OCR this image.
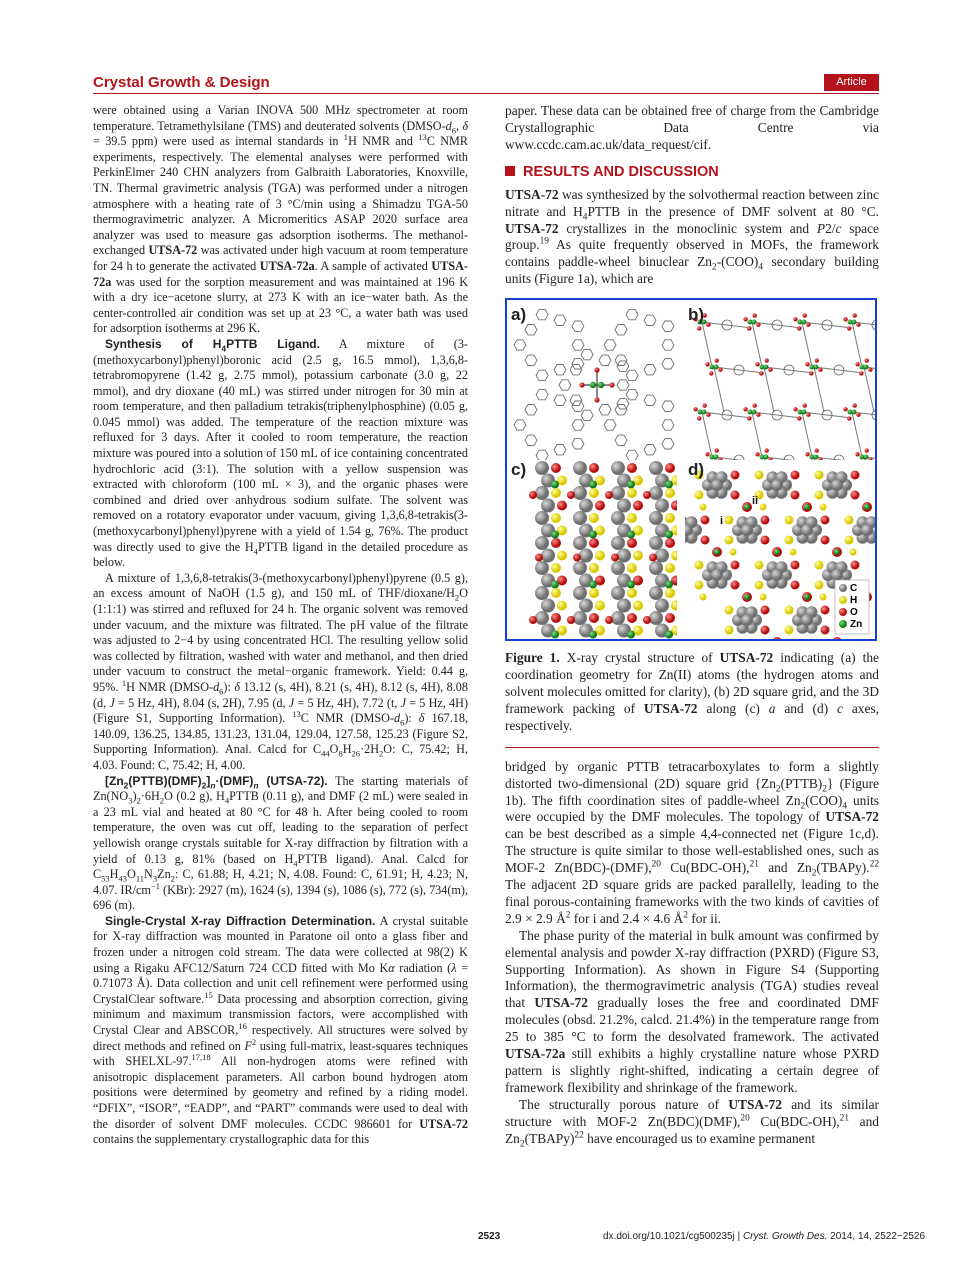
Crystal Growth & Design	Article

were obtained using a Varian INOVA 500 MHz spectrometer at room temperature. Tetramethylsilane (TMS) and deuterated solvents ($DMSO-d_6$, δ = 39.5 ppm) were used as internal standards in $^1$H NMR and $^{13}$C NMR experiments, respectively. The elemental analyses were performed with PerkinElmer 240 CHN analyzers from Galbraith Laboratories, Knoxville, TN. Thermal gravimetric analysis (TGA) was performed under a nitrogen atmosphere with a heating rate of 3 °C/min using a Shimadzu TGA-50 thermogravimetric analyzer. A Micromeritics ASAP 2020 surface area analyzer was used to measure gas adsorption isotherms. The methanol-exchanged UTSA-72 was activated under high vacuum at room temperature for 24 h to generate the activated UTSA-72a. A sample of activated UTSA-72a was used for the sorption measurement and was maintained at 196 K with a dry ice−acetone slurry, at 273 K with an ice−water bath. As the center-controlled air condition was set up at 23 °C, a water bath was used for adsorption isotherms at 296 K.

Synthesis of $H_4PTTB$ Ligand. A mixture of (3-(methoxycarbonyl)phenyl)boronic acid (2.5 g, 16.5 mmol), 1,3,6,8-tetrabromopyrene (1.42 g, 2.75 mmol), potassium carbonate (3.0 g, 22 mmol), and dry dioxane (40 mL) was stirred under nitrogen for 30 min at room temperature, and then palladium tetrakis(triphenylphosphine) (0.05 g, 0.045 mmol) was added. The temperature of the reaction mixture was refluxed for 3 days. After it cooled to room temperature, the reaction mixture was poured into a solution of 150 mL of ice containing concentrated hydrochloric acid (3:1). The solution with a yellow suspension was extracted with chloroform (100 mL × 3), and the organic phases were combined and dried over anhydrous sodium sulfate. The solvent was removed on a rotatory evaporator under vacuum, giving 1,3,6,8-tetrakis(3-(methoxycarbonyl)phenyl)pyrene with a yield of 1.54 g, 76%. The product was directly used to give the $H_4PTTB$ ligand in the detailed procedure as below.

A mixture of 1,3,6,8-tetrakis(3-(methoxycarbonyl)phenyl)pyrene (0.5 g), an excess amount of NaOH (1.5 g), and 150 mL of THF/$dioxane/H_2O$ (1:1:1) was stirred and refluxed for 24 h. The organic solvent was removed under vacuum, and the mixture was filtrated. The pH value of the filtrate was adjusted to 2−4 by using concentrated HCl. The resulting yellow solid was collected by filtration, washed with water and methanol, and then dried under vacuum to construct the metal−organic framework. Yield: 0.44 g, 95%. $^1$H NMR $(DMSO-d_6)$: δ 13.12 (s, 4H), 8.21 (s, 4H), 8.12 (s, 4H), 8.08 (d, J = 5 Hz, 4H), 8.04 (s, 2H), 7.95 (d, J = 5 Hz, 4H), 7.72 (t, J = 5 Hz, 4H) (Figure S1, Supporting Information). $^{13}$C NMR $(DMSO-d_6)$: δ 167.18, 140.09, 136.25, 134.85, 131.23, 131.04, 129.04, 127.58, 125.23 (Figure S2, Supporting Information). Anal. Calcd for $C_{44}O_8H_{26}\cdot 2H_2O$: C, 75.42; H, 4.03. Found: C, 75.42; H, 4.00.

$[Zn_2(PTTB)(DMF)_2]_n\cdot(DMF)_n$ (UTSA-72). The starting materials of $Zn(NO_3)_2\cdot 6H_2O$ (0.2 g), $H_4PTTB$ (0.11 g), and DMF (2 mL) were sealed in a 23 mL vial and heated at 80 °C for 48 h. After being cooled to room temperature, the oven was cut off, leading to the separation of perfect yellowish orange crystals suitable for X-ray diffraction by filtration with a yield of 0.13 g, 81% (based on $H_4PTTB$ ligand). Anal. Calcd for $C_{53}H_{43}O_{11}N_3Zn_2$: C, 61.88; H, 4.21; N, 4.08. Found: C, 61.91; H, 4.23; N, 4.07. $IR/cm^{-1}$ (KBr): 2927 (m), 1624 (s), 1394 (s), 1086 (s), 772 (s), 734(m), 696 (m).

Single-Crystal X-ray Diffraction Determination. A crystal suitable for X-ray diffraction was mounted in Paratone oil onto a glass fiber and frozen under a nitrogen cold stream. The data were collected at 98(2) K using a Rigaku AFC12/Saturn 724 CCD fitted with Mo Kα radiation (λ = 0.71073 Å). Data collection and unit cell refinement were performed using CrystalClear software.$^{15}$ Data processing and absorption correction, giving minimum and maximum transmission factors, were accomplished with Crystal Clear and ABSCOR,$^{16}$ respectively. All structures were solved by direct methods and refined on $F^2$ using full-matrix, least-squares techniques with SHELXL-97.$^{17,18}$ All non-hydrogen atoms were refined with anisotropic displacement parameters. All carbon bound hydrogen atom positions were determined by geometry and refined by a riding model. “DFIX”, “ISOR”, “EADP”, and “PART” commands were used to deal with the disorder of solvent DMF molecules. CCDC 986601 for UTSA-72 contains the supplementary crystallographic data for this

paper. These data can be obtained free of charge from the Cambridge Crystallographic Data Centre via www.ccdc.cam.ac.uk/data_request/cif.

RESULTS AND DISCUSSION

UTSA-72 was synthesized by the solvothermal reaction between zinc nitrate and $H_4PTTB$ in the presence of DMF solvent at 80 °C. UTSA-72 crystallizes in the monoclinic system and P2/c space group.$^{19}$ As quite frequently observed in MOFs, the framework contains paddle-wheel binuclear $Zn_2-(COO)_4$ secondary building units (Figure 1a), which are

a)	b)
c)	d)
i
ii
C
H
O
Zn

Figure 1. X-ray crystal structure of UTSA-72 indicating (a) the coordination geometry for Zn(II) atoms (the hydrogen atoms and solvent molecules omitted for clarity), (b) 2D square grid, and the 3D framework packing of UTSA-72 along (c) a and (d) c axes, respectively.

bridged by organic PTTB tetracarboxylates to form a slightly distorted two-dimensional (2D) square grid $\{Zn_2(PTTB)_2\}$ (Figure 1b). The fifth coordination sites of paddle-wheel $Zn_2(COO)_4$ units were occupied by the DMF molecules. The topology of UTSA-72 can be best described as a simple 4,4-connected net (Figure 1c,d). The structure is quite similar to those well-established ones, such as MOF-2 Zn(BDC)-(DMF),$^{20}$ Cu(BDC-OH),$^{21}$ and $Zn_2(TBAPy).^{22}$ The adjacent 2D square grids are packed parallelly, leading to the final porous-containing frameworks with the two kinds of cavities of 2.9 × 2.9 $Å^2$ for i and 2.4 × 4.6 $Å^2$ for ii.

The phase purity of the material in bulk amount was confirmed by elemental analysis and powder X-ray diffraction (PXRD) (Figure S3, Supporting Information). As shown in Figure S4 (Supporting Information), the thermogravimetric analysis (TGA) studies reveal that UTSA-72 gradually loses the free and coordinated DMF molecules (obsd. 21.2%, calcd. 21.4%) in the temperature range from 25 to 385 °C to form the desolvated framework. The activated UTSA-72a still exhibits a highly crystalline nature whose PXRD pattern is slightly right-shifted, indicating a certain degree of framework flexibility and shrinkage of the framework.

The structurally porous nature of UTSA-72 and its similar structure with MOF-2 Zn(BDC)(DMF),$^{20}$ Cu(BDC-OH),$^{21}$ and $Zn_2(TBAPy)^{22}$ have encouraged us to examine permanent

2523	dx.doi.org/10.1021/cg500235j | Cryst. Growth Des. 2014, 14, 2522−2526
